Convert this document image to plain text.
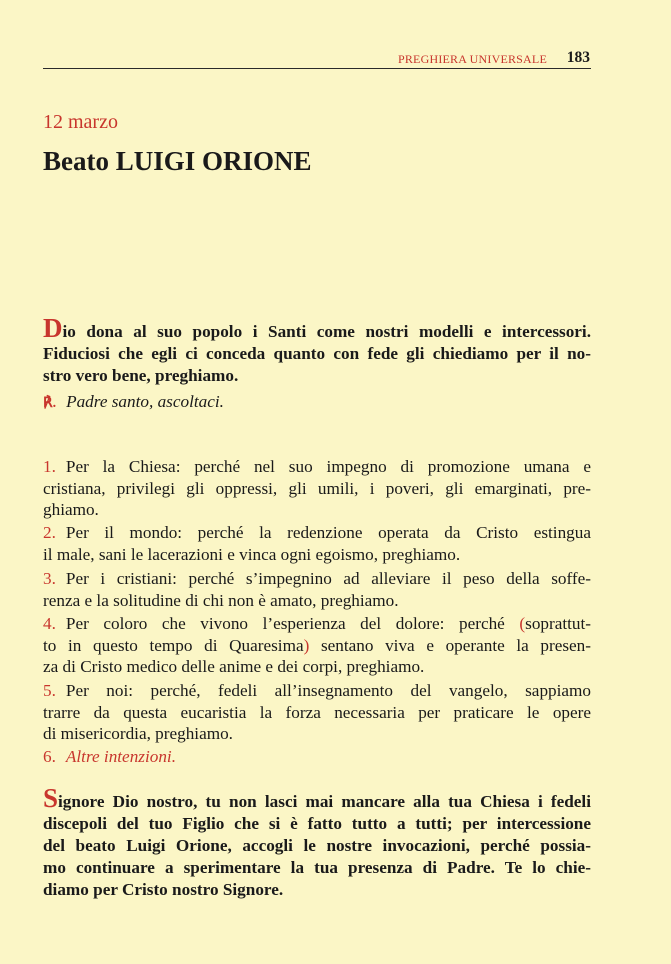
PREGHIERA UNIVERSALE 183
12 marzo
Beato LUIGI ORIONE
Dio dona al suo popolo i Santi come nostri modelli e intercessori.
Fiduciosi che egli ci conceda quanto con fede gli chiediamo per il no-
stro vero bene, preghiamo.
℟. Padre santo, ascoltaci.
1. Per la Chiesa: perché nel suo impegno di promozione umana e
cristiana, privilegi gli oppressi, gli umili, i poveri, gli emarginati, pre-
ghiamo.
2. Per il mondo: perché la redenzione operata da Cristo estingua
il male, sani le lacerazioni e vinca ogni egoismo, preghiamo.
3. Per i cristiani: perché s’impegnino ad alleviare il peso della soffe-
renza e la solitudine di chi non è amato, preghiamo.
4. Per coloro che vivono l’esperienza del dolore: perché (soprattut-
to in questo tempo di Quaresima) sentano viva e operante la presen-
za di Cristo medico delle anime e dei corpi, preghiamo.
5. Per noi: perché, fedeli all’insegnamento del vangelo, sappiamo
trarre da questa eucaristia la forza necessaria per praticare le opere
di misericordia, preghiamo.
6. Altre intenzioni.
Signore Dio nostro, tu non lasci mai mancare alla tua Chiesa i fedeli
discepoli del tuo Figlio che si è fatto tutto a tutti; per intercessione
del beato Luigi Orione, accogli le nostre invocazioni, perché possia-
mo continuare a sperimentare la tua presenza di Padre. Te lo chie-
diamo per Cristo nostro Signore.
